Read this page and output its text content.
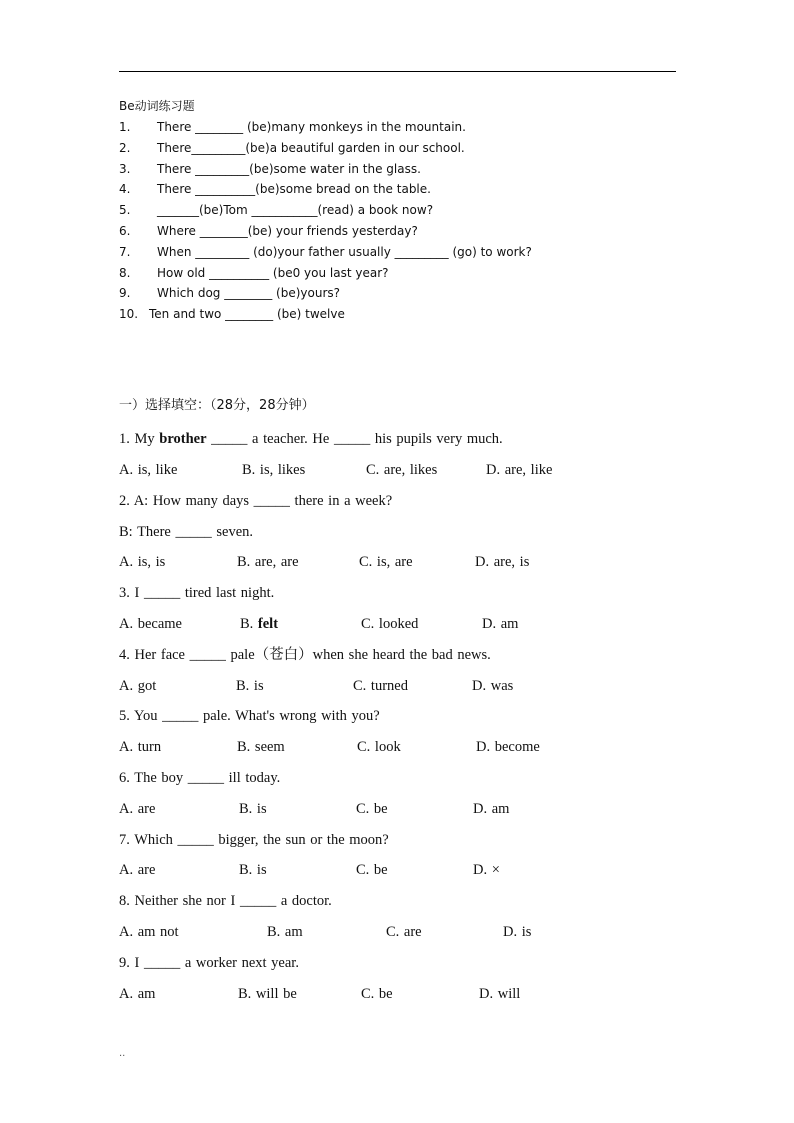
Be动词练习题
1. There ________ (be)many monkeys in the mountain.
2. There_________(be)a beautiful garden in our school.
3. There _________(be)some water in the glass.
4. There __________(be)some bread on the table.
5. _______(be)Tom ___________(read) a book now?
6. Where ________(be) your friends yesterday?
7. When _________ (do)your father usually _________ (go) to work?
8. How old __________ (be0 you last year?
9. Which dog ________ (be)yours?
10. Ten and two ________ (be) twelve
一）选择填空：（28分，28分钟）
1. My brother _____ a teacher. He _____ his pupils very much.
A. is, like	B. is, likes	C. are, likes	D. are, like
2. A: How many days _____ there in a week?
B: There _____ seven.
A. is, is	B. are, are	C. is, are	D. are, is
3. I _____ tired last night.
A. became	B. felt	C. looked	D. am
4. Her face _____ pale（苍白）when she heard the bad news.
A. got	B. is	C. turned	D. was
5. You _____ pale. What's wrong with you?
A. turn	B. seem	C. look	D. become
6. The boy _____ ill today.
A. are	B. is	C. be	D. am
7. Which _____ bigger, the sun or the moon?
A. are	B. is	C. be	D. ×
8. Neither she nor I _____ a doctor.
A. am not	B. am	C. are	D. is
9. I _____ a worker next year.
A. am	B. will be	C. be	D. will
..
